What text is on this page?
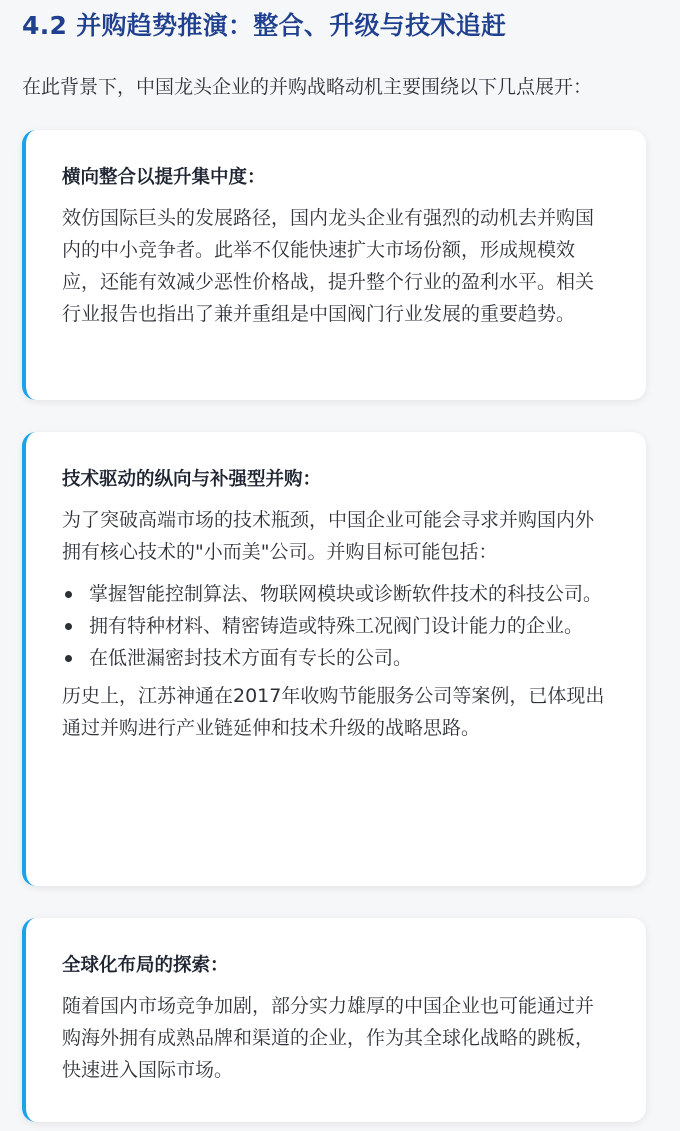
4.2 并购趋势推演：整合、升级与技术追赶

在此背景下，中国龙头企业的并购战略动机主要围绕以下几点展开：

横向整合以提升集中度：

效仿国际巨头的发展路径，国内龙头企业有强烈的动机去并购国内的中小竞争者。此举不仅能快速扩大市场份额，形成规模效应，还能有效减少恶性价格战，提升整个行业的盈利水平。相关行业报告也指出了兼并重组是中国阀门行业发展的重要趋势。

技术驱动的纵向与补强型并购：

为了突破高端市场的技术瓶颈，中国企业可能会寻求并购国内外拥有核心技术的"小而美"公司。并购目标可能包括：

掌握智能控制算法、物联网模块或诊断软件技术的科技公司。
拥有特种材料、精密铸造或特殊工况阀门设计能力的企业。
在低泄漏密封技术方面有专长的公司。

历史上，江苏神通在2017年收购节能服务公司等案例，已体现出通过并购进行产业链延伸和技术升级的战略思路。

全球化布局的探索：

随着国内市场竞争加剧，部分实力雄厚的中国企业也可能通过并购海外拥有成熟品牌和渠道的企业，作为其全球化战略的跳板，快速进入国际市场。
